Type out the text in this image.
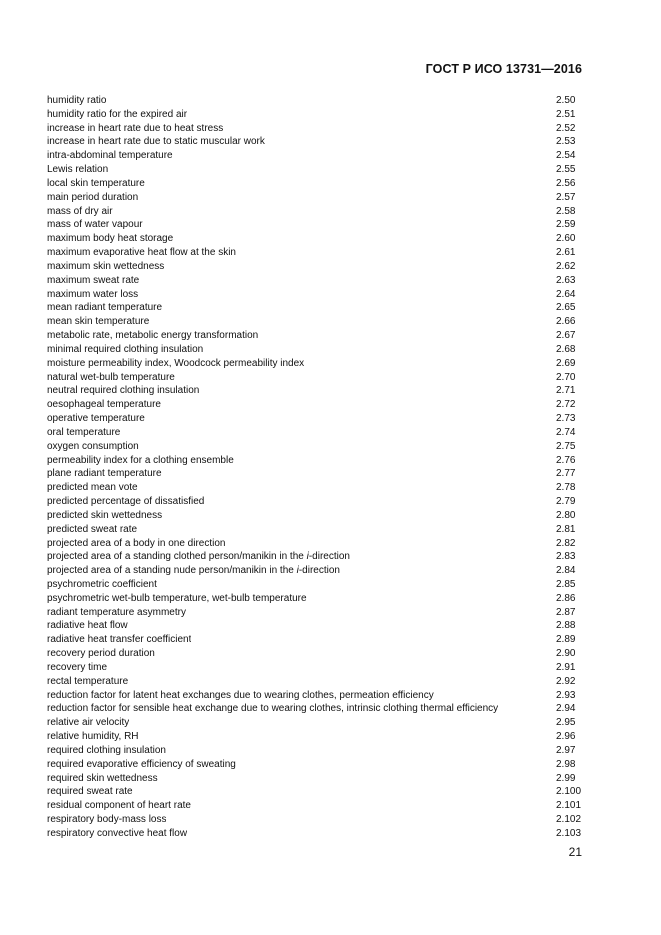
ГОСТ Р ИСО 13731—2016
humidity ratio	2.50
humidity ratio for the expired air	2.51
increase in heart rate due to heat stress	2.52
increase in heart rate due to static muscular work	2.53
intra-abdominal temperature	2.54
Lewis relation	2.55
local skin temperature	2.56
main period duration	2.57
mass of dry air	2.58
mass of water vapour	2.59
maximum body heat storage	2.60
maximum evaporative heat flow at the skin	2.61
maximum skin wettedness	2.62
maximum sweat rate	2.63
maximum water loss	2.64
mean radiant temperature	2.65
mean skin temperature	2.66
metabolic rate, metabolic energy transformation	2.67
minimal required clothing insulation	2.68
moisture permeability index, Woodcock permeability index	2.69
natural wet-bulb temperature	2.70
neutral required clothing insulation	2.71
oesophageal temperature	2.72
operative temperature	2.73
oral temperature	2.74
oxygen consumption	2.75
permeability index for a clothing ensemble	2.76
plane radiant temperature	2.77
predicted mean vote	2.78
predicted percentage of dissatisfied	2.79
predicted skin wettedness	2.80
predicted sweat rate	2.81
projected area of a body in one direction	2.82
projected area of a standing clothed person/manikin in the i-direction	2.83
projected area of a standing nude person/manikin in the i-direction	2.84
psychrometric coefficient	2.85
psychrometric wet-bulb temperature, wet-bulb temperature	2.86
radiant temperature asymmetry	2.87
radiative heat flow	2.88
radiative heat transfer coefficient	2.89
recovery period duration	2.90
recovery time	2.91
rectal temperature	2.92
reduction factor for latent heat exchanges due to wearing clothes, permeation efficiency	2.93
reduction factor for sensible heat exchange due to wearing clothes, intrinsic clothing thermal efficiency	2.94
relative air velocity	2.95
relative humidity, RH	2.96
required clothing insulation	2.97
required evaporative efficiency of sweating	2.98
required skin wettedness	2.99
required sweat rate	2.100
residual component of heart rate	2.101
respiratory body-mass loss	2.102
respiratory convective heat flow	2.103
21
